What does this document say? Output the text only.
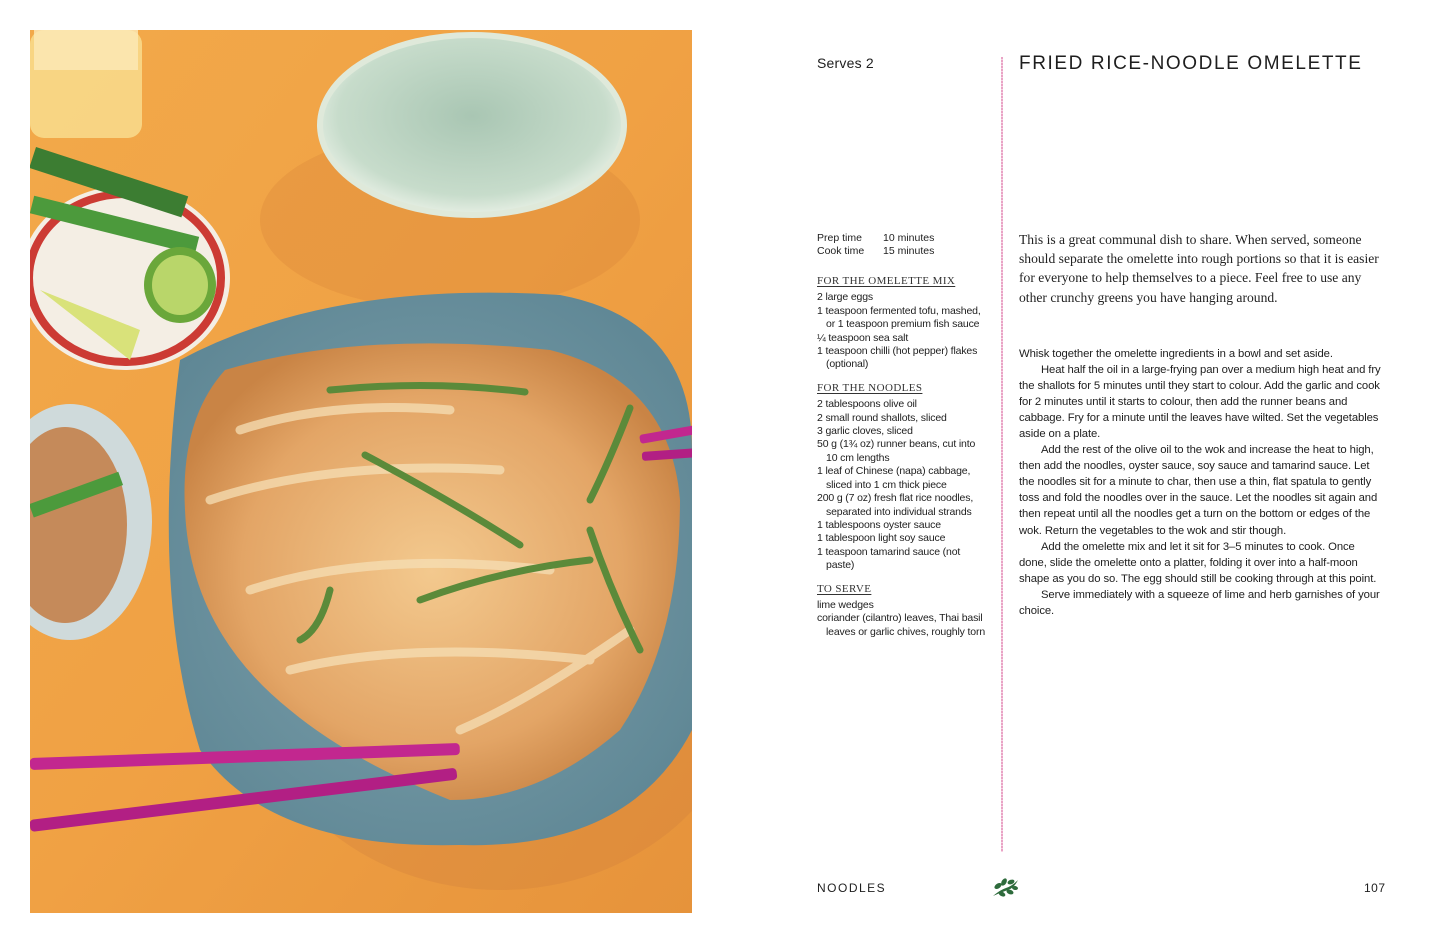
Serves 2
Prep time	10 minutes
Cook time	15 minutes
FOR THE OMELETTE MIX
2 large eggs
1 teaspoon fermented tofu, mashed, or 1 teaspoon premium fish sauce
¼ teaspoon sea salt
1 teaspoon chilli (hot pepper) flakes (optional)
FOR THE NOODLES
2 tablespoons olive oil
2 small round shallots, sliced
3 garlic cloves, sliced
50 g (1¾ oz) runner beans, cut into 10 cm lengths
1 leaf of Chinese (napa) cabbage, sliced into 1 cm thick piece
200 g (7 oz) fresh flat rice noodles, separated into individual strands
1 tablespoons oyster sauce
1 tablespoon light soy sauce
1 teaspoon tamarind sauce (not paste)
TO SERVE
lime wedges
coriander (cilantro) leaves, Thai basil leaves or garlic chives, roughly torn
FRIED RICE-NOODLE OMELETTE

This is a great communal dish to share. When served, someone should separate the omelette into rough portions so that it is easier for everyone to help themselves to a piece. Feel free to use any other crunchy greens you have hanging around.

Whisk together the omelette ingredients in a bowl and set aside.

Heat half the oil in a large-frying pan over a medium high heat and fry the shallots for 5 minutes until they start to colour. Add the garlic and cook for 2 minutes until it starts to colour, then add the runner beans and cabbage. Fry for a minute until the leaves have wilted. Set the vegetables aside on a plate.

Add the rest of the olive oil to the wok and increase the heat to high, then add the noodles, oyster sauce, soy sauce and tamarind sauce. Let the noodles sit for a minute to char, then use a thin, flat spatula to gently toss and fold the noodles over in the sauce. Let the noodles sit again and then repeat until all the noodles get a turn on the bottom or edges of the wok. Return the vegetables to the wok and stir though.

Add the omelette mix and let it sit for 3–5 minutes to cook. Once done, slide the omelette onto a platter, folding it over into a half-moon shape as you do so. The egg should still be cooking through at this point.

Serve immediately with a squeeze of lime and herb garnishes of your choice.

NOODLES	107
